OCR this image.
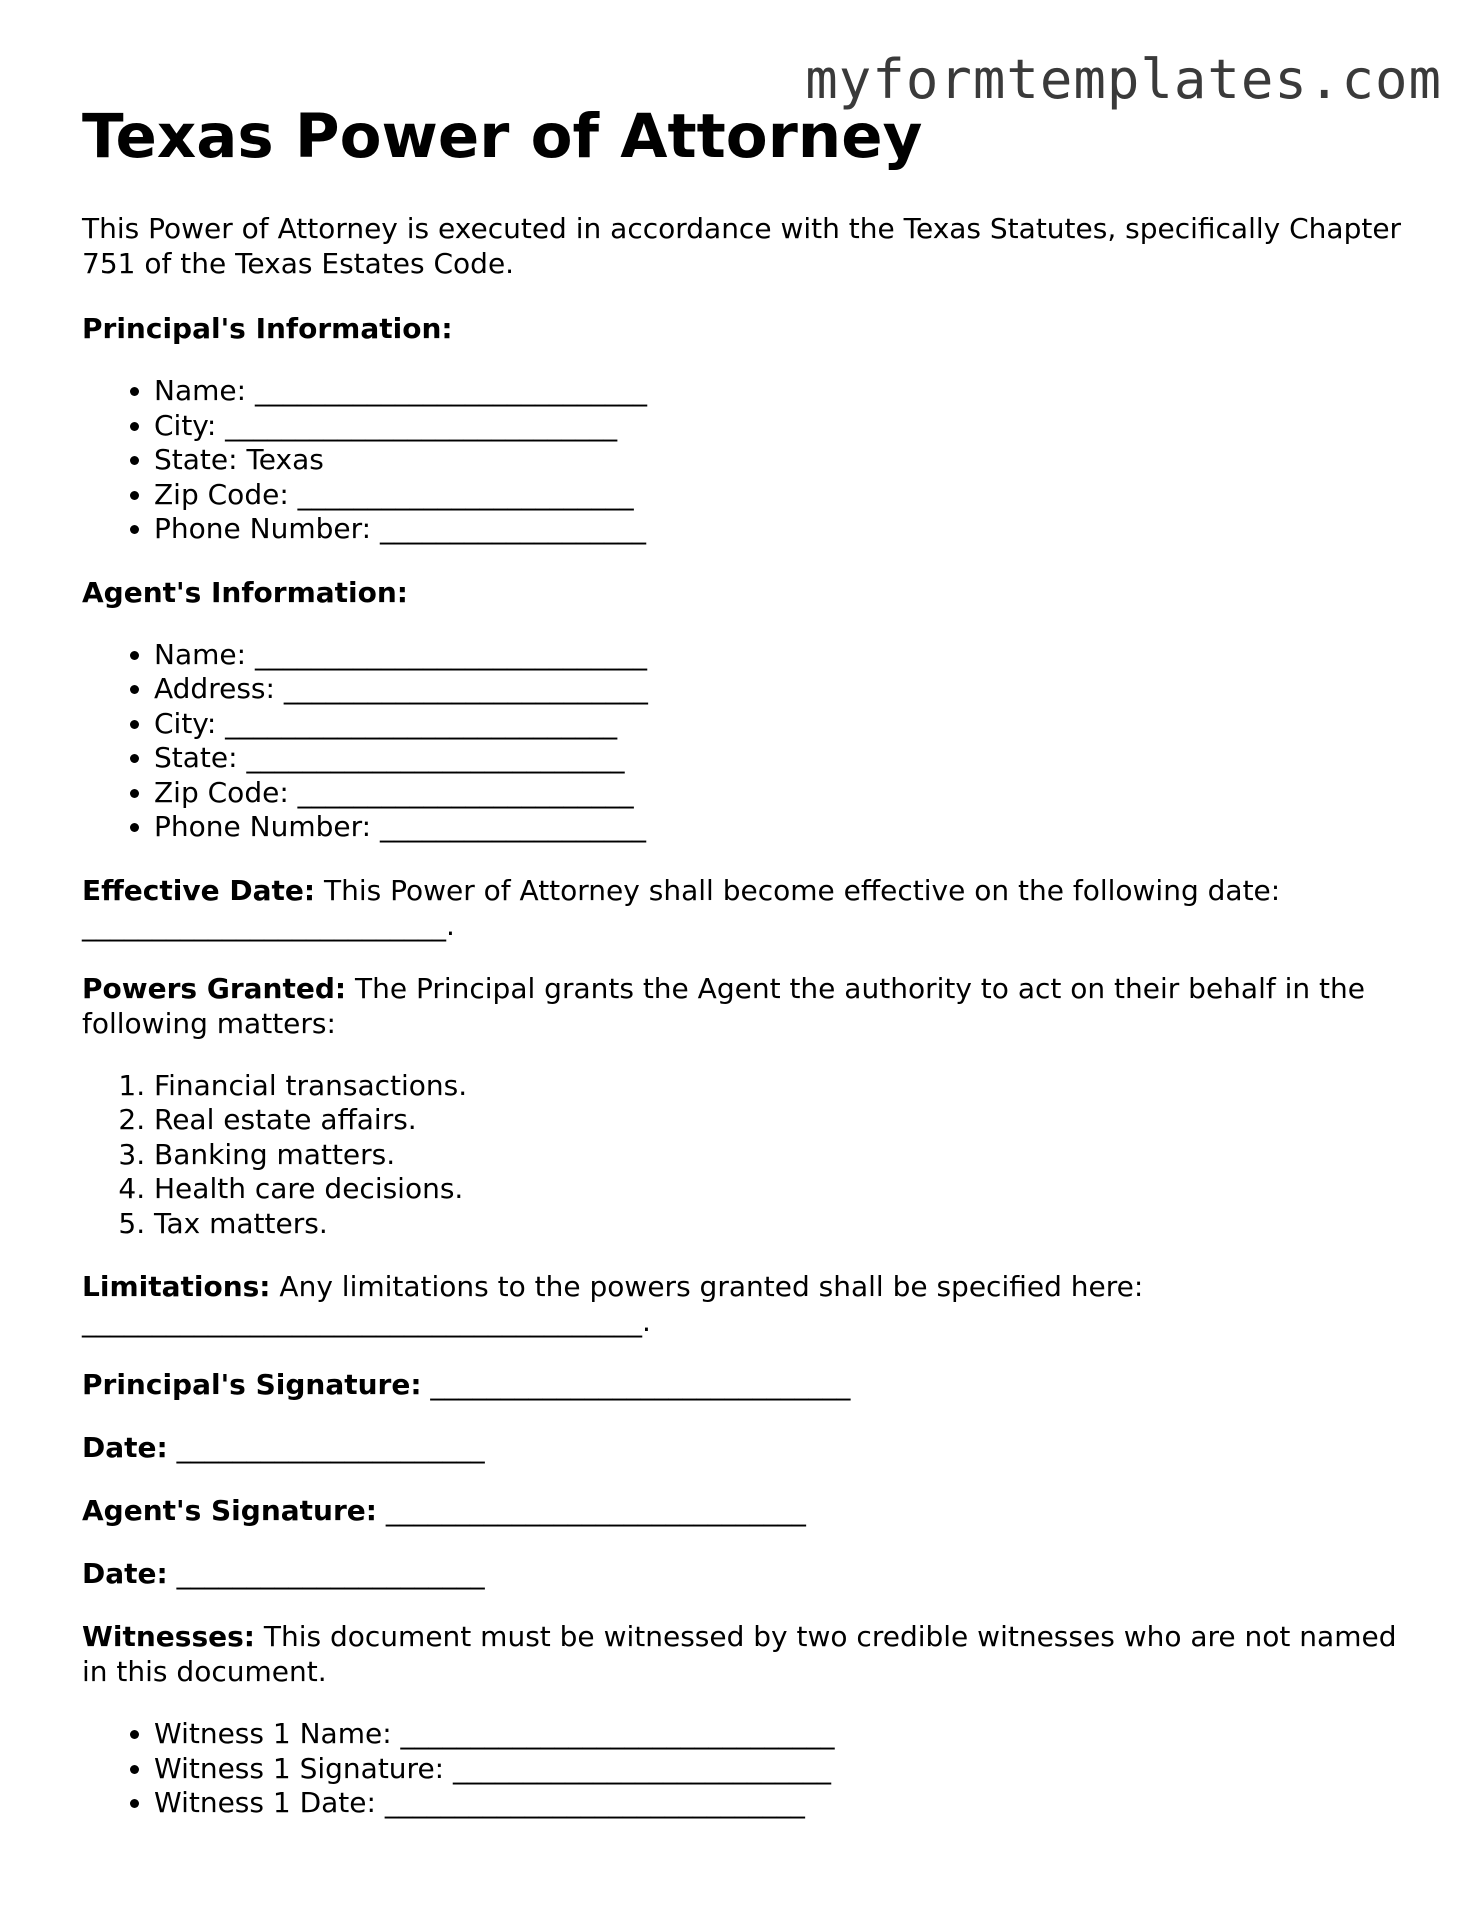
myformtemplates.com
Texas Power of Attorney

This Power of Attorney is executed in accordance with the Texas Statutes, specifically Chapter 751 of the Texas Estates Code.

Principal's Information:
• Name: ____________________________
• City: ____________________________
• State: Texas
• Zip Code: ________________________
• Phone Number: ___________________
Agent's Information:
• Name: ____________________________
• Address: __________________________
• City: ____________________________
• State: ___________________________
• Zip Code: ________________________
• Phone Number: ___________________

Effective Date: This Power of Attorney shall become effective on the following date: __________________________.

Powers Granted: The Principal grants the Agent the authority to act on their behalf in the following matters:

1. Financial transactions.
2. Real estate affairs.
3. Banking matters.
4. Health care decisions.
5. Tax matters.

Limitations: Any limitations to the powers granted shall be specified here: ________________________________________.

Principal's Signature: ______________________________
Date: ______________________
Agent's Signature: ______________________________
Date: ______________________

Witnesses: This document must be witnessed by two credible witnesses who are not named in this document.

• Witness 1 Name: _______________________________
• Witness 1 Signature: ___________________________
• Witness 1 Date: ______________________________
